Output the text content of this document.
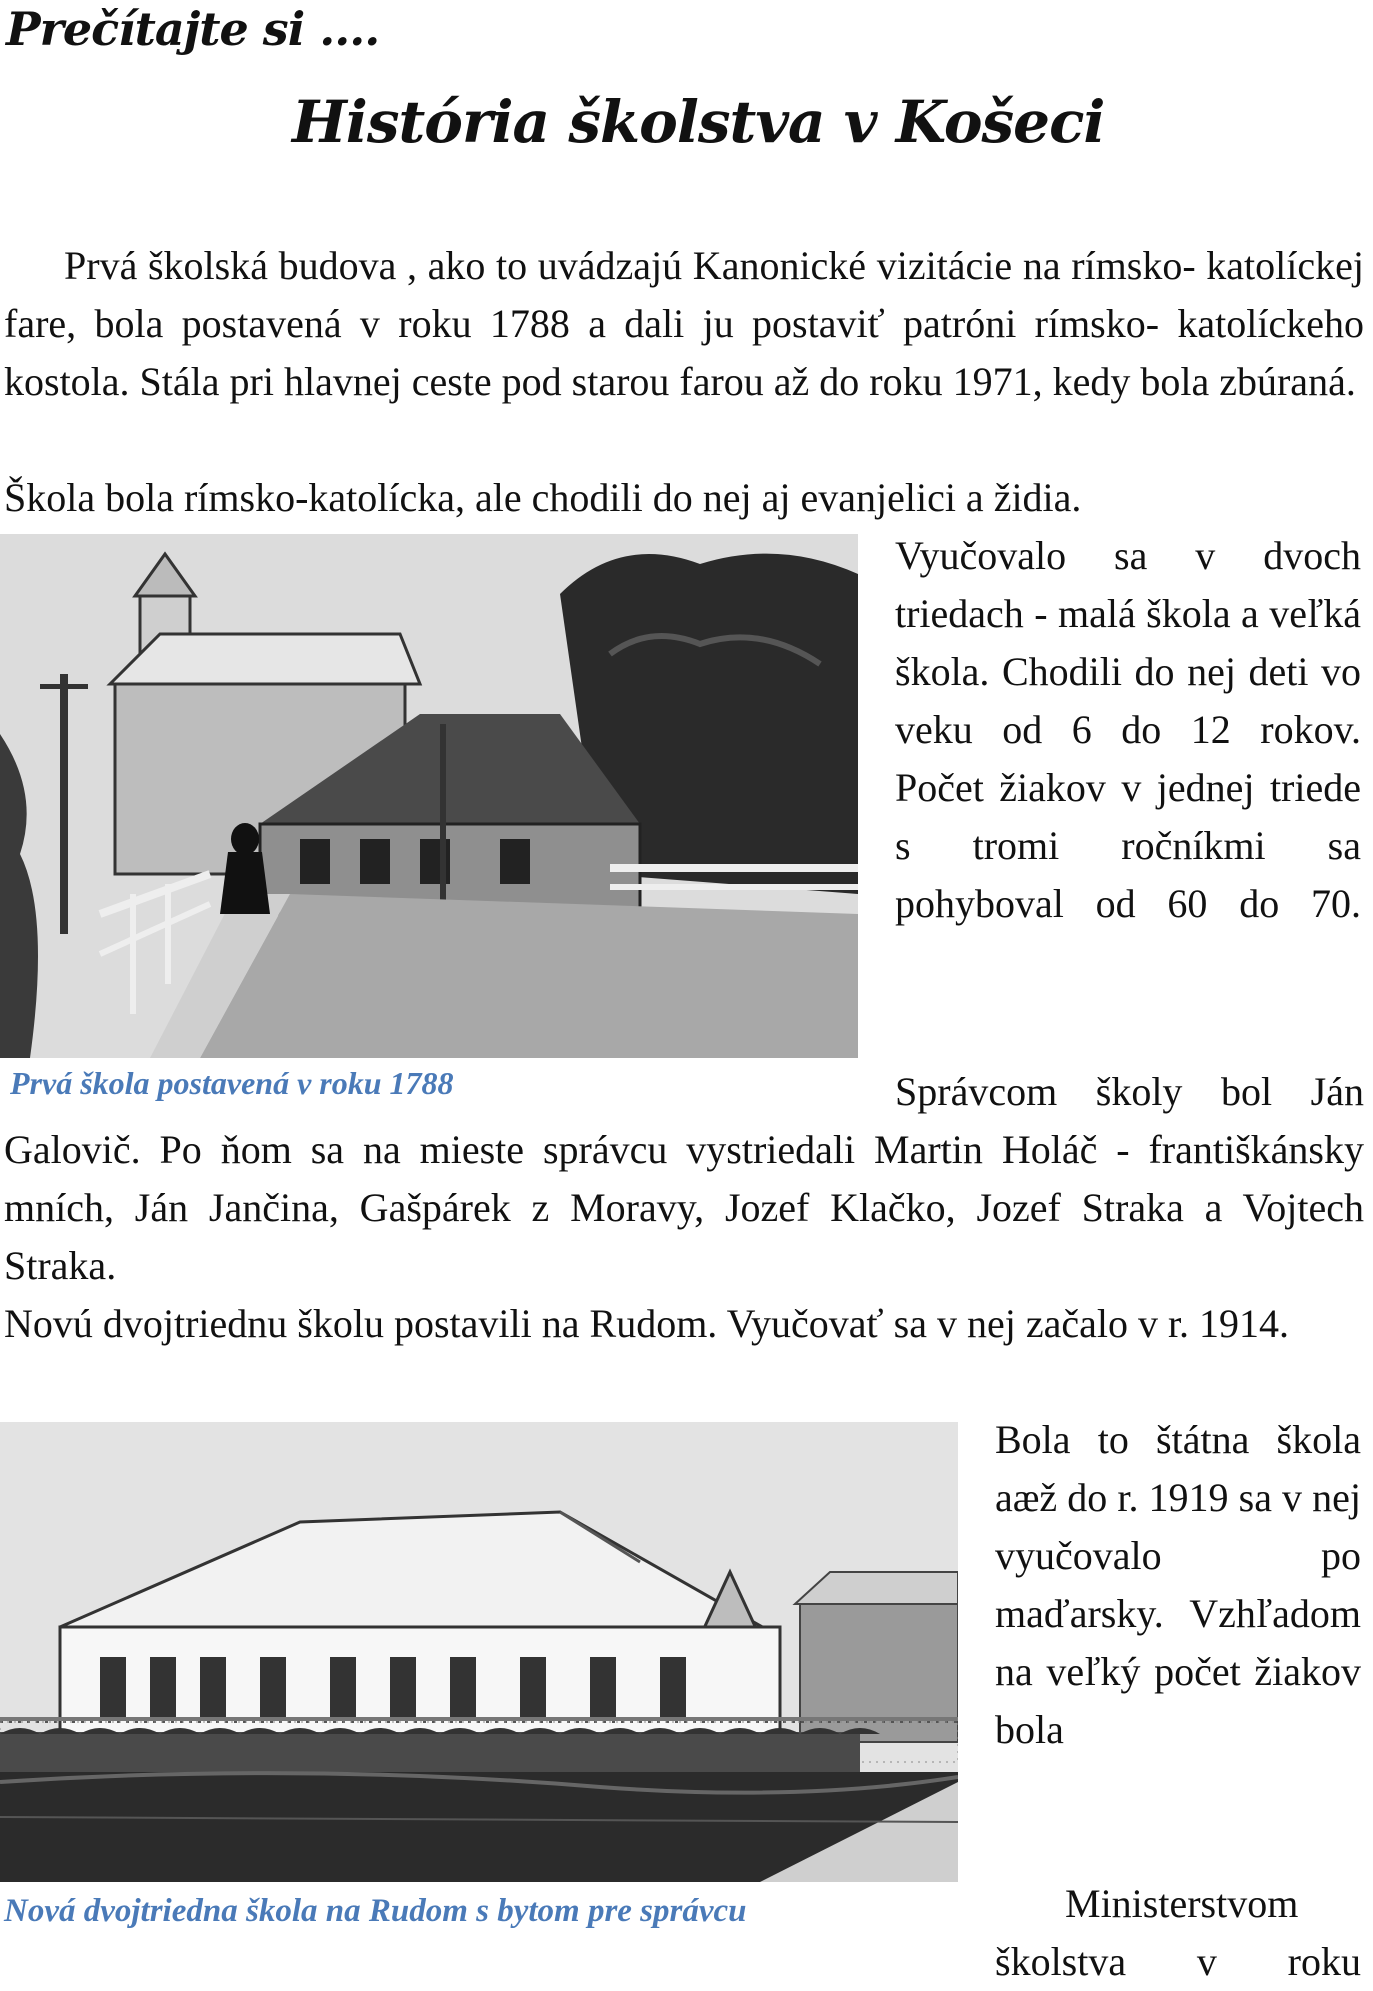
Prečítajte si ....
História školstva v Košeci

Prvá školská budova , ako to uvádzajú Kanonické vizitácie na rímsko- katolíckej fare, bola postavená v roku 1788 a dali ju postaviť patróni rímsko- katolíckeho kostola. Stála pri hlavnej ceste pod starou farou až do roku 1971, kedy bola zbúraná.

Škola bola rímsko-katolícka, ale chodili do nej aj evanjelici a židia.

Vyučovalo sa v dvoch triedach - malá škola a veľká škola. Chodili do nej deti vo veku od 6 do 12 rokov. Počet žiakov v jednej triede s tromi ročníkmi sa pohyboval od 60 do 70.

Prvá škola postavená v roku 1788	Správcom školy bol Ján Galovič. Po ňom sa na mieste správcu vystriedali Martin Holáč - františkánsky mních, Ján Jančina, Gašpárek z Moravy, Jozef Klačko, Jozef Straka a Vojtech Straka.

Novú dvojtriednu školu postavili na Rudom. Vyučovať sa v nej začalo v r. 1914.

Bola to štátna škola aæž do r. 1919 sa v nej vyučovalo po maďarsky. Vzhľadom na veľký počet žiakov bola

Nová dvojtriedna škola na Rudom s bytom pre správcu	Ministerstvom školstva v roku
